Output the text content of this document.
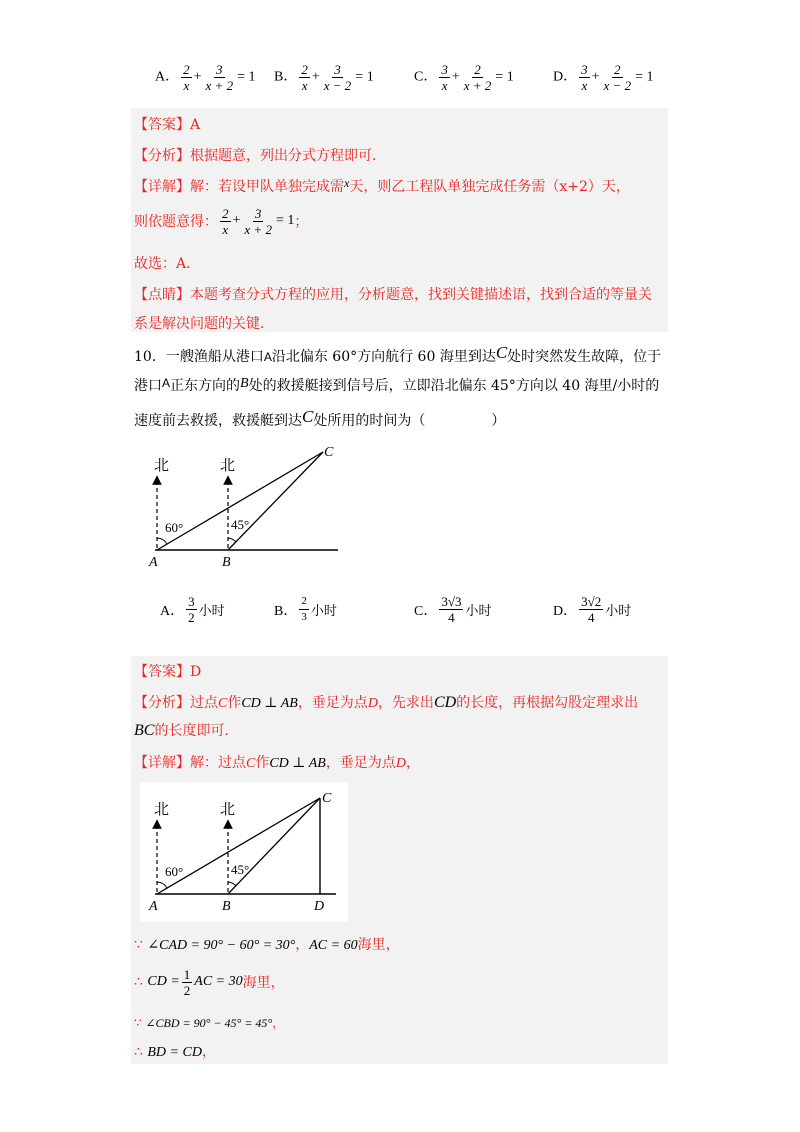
A． $\frac{2}{x} + \frac{3}{x + 2} = 1$ B． $\frac{2}{x} + \frac{3}{x - 2} = 1$	C． $\frac{3}{x} + \frac{2}{x + 2} = 1$	D． $\frac{3}{x} + \frac{2}{x - 2} = 1$
【答案】A
【分析】根据题意，列出分式方程即可．
【详解】解：若设甲队单独完成需x天，则乙工程队单独完成任务需（x+2）天，
则依题意得： $\frac{2}{x} + \frac{3}{x + 2} = 1$ ；
故选：A．
【点睛】本题考查分式方程的应用，分析题意，找到关键描述语，找到合适的等量关
系是解决问题的关键．
10．一艘渔船从港口A沿北偏东 60°方向航行 60 海里到达C处时突然发生故障，位于
港口A正东方向的B处的救援艇接到信号后，立即沿北偏东 45°方向以 40 海里/小时的
速度前去救援，救援艇到达C处所用的时间为（	）
北	北
60°	45°
A	B
C
A． $\frac{3}{2}$ 小时	B． $\frac{2}{3}$ 小时	C． $\frac{3√3}{4}$ 小时	D． $\frac{3√2}{4}$ 小时
【答案】D
【分析】过点C作CD ⊥ AB，垂足为点D，先求出CD的长度，再根据勾股定理求出
BC的长度即可．
【详解】解：过点C作CD ⊥ AB，垂足为点D，
北	北
60°	45°
A	B
C
D
∵ ∠CAD = 90° − 60° = 30°，AC = 60海里，
∴
CD = $\frac{1}{2}$ AC = 30 海里，
∵ ∠CBD = 90° − 45° = 45°，
∴ BD = CD，
